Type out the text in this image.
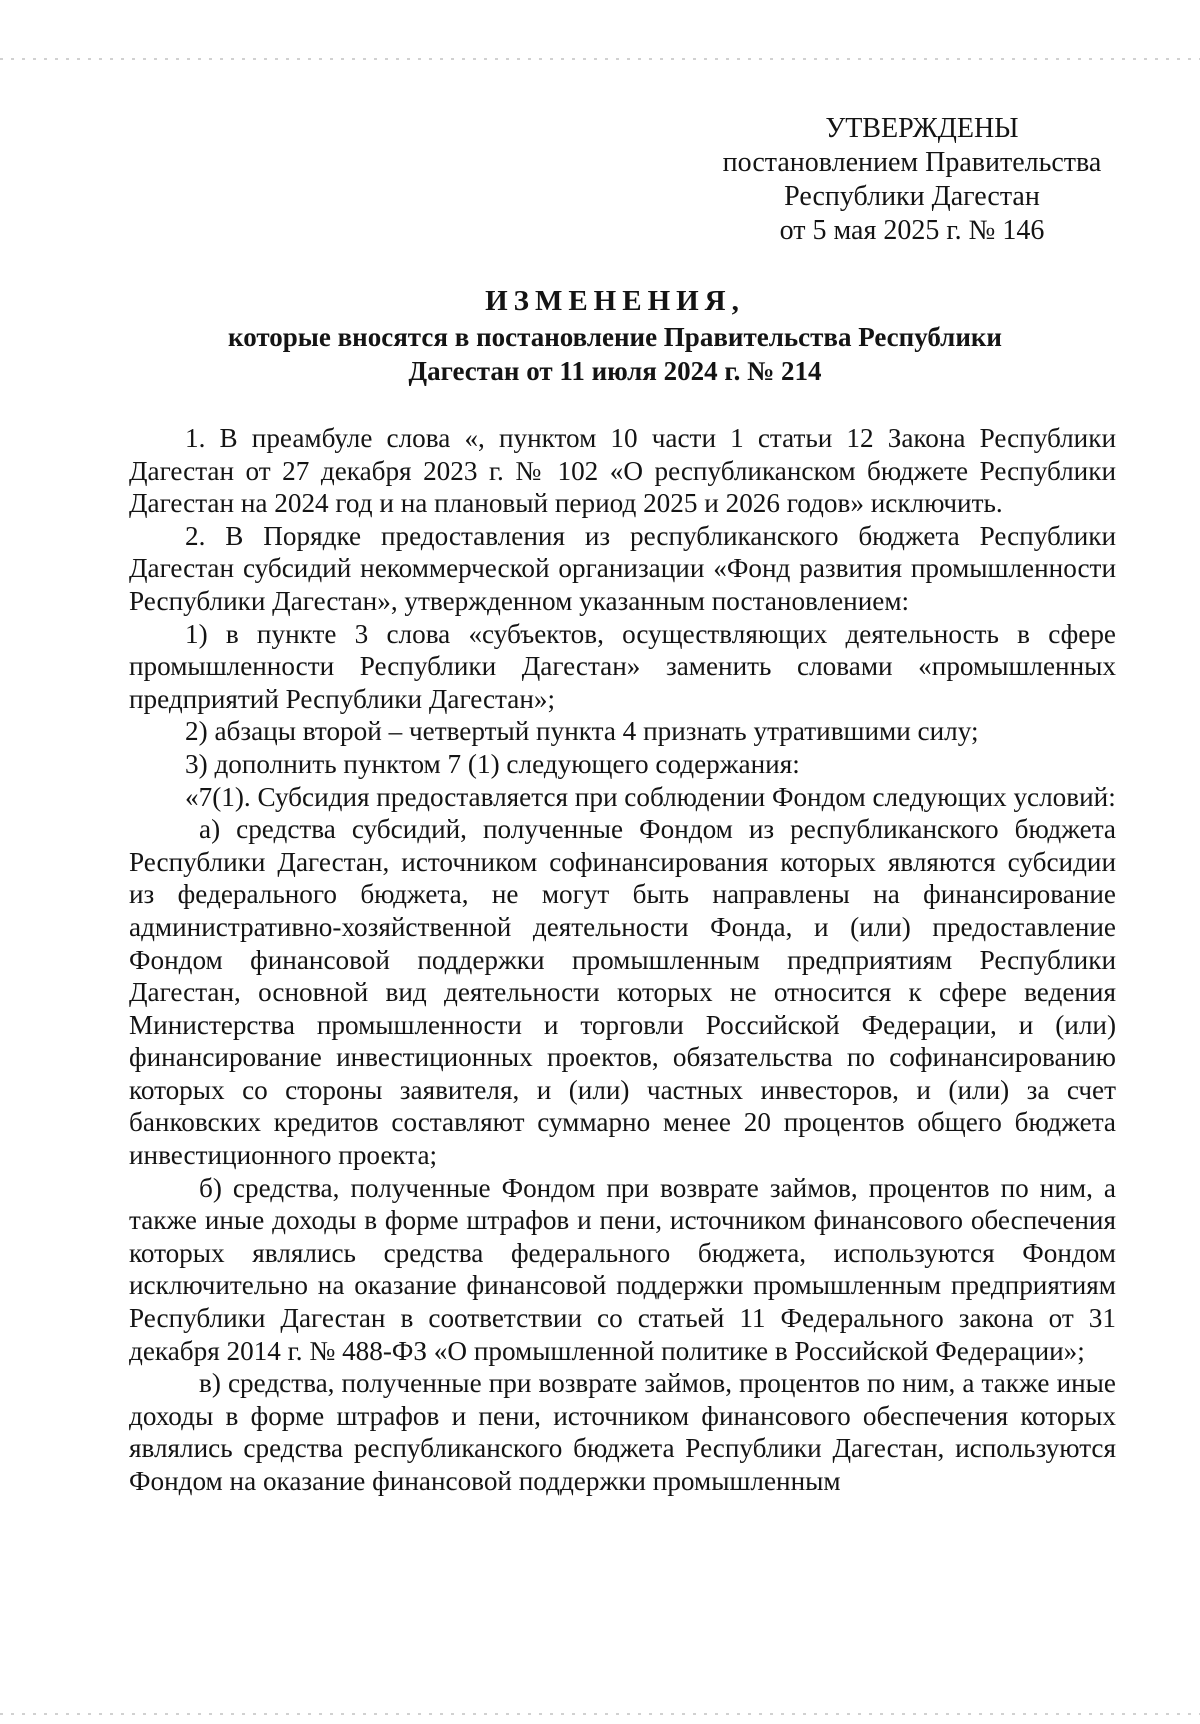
УТВЕРЖДЕНЫ
постановлением Правительства
Республики Дагестан
от 5 мая 2025 г. № 146
ИЗМЕНЕНИЯ,
которые вносятся в постановление Правительства Республики
Дагестан от 11 июля 2024 г. № 214

1. В преамбуле слова «, пунктом 10 части 1 статьи 12 Закона Республики Дагестан от 27 декабря 2023 г. № 102 «О республиканском бюджете Республики Дагестан на 2024 год и на плановый период 2025 и 2026 годов» исключить.

2. В Порядке предоставления из республиканского бюджета Республики Дагестан субсидий некоммерческой организации «Фонд развития промышленности Республики Дагестан», утвержденном указанным постановлением:

1) в пункте 3 слова «субъектов, осуществляющих деятельность в сфере промышленности Республики Дагестан» заменить словами «промышленных предприятий Республики Дагестан»;

2) абзацы второй – четвертый пункта 4 признать утратившими силу;

3) дополнить пунктом 7 (1) следующего содержания:

«7(1). Субсидия предоставляется при соблюдении Фондом следующих условий:

а) средства субсидий, полученные Фондом из республиканского бюджета Республики Дагестан, источником софинансирования которых являются субсидии из федерального бюджета, не могут быть направлены на финансирование административно-хозяйственной деятельности Фонда, и (или) предоставление Фондом финансовой поддержки промышленным предприятиям Республики Дагестан, основной вид деятельности которых не относится к сфере ведения Министерства промышленности и торговли Российской Федерации, и (или) финансирование инвестиционных проектов, обязательства по софинансированию которых со стороны заявителя, и (или) частных инвесторов, и (или) за счет банковских кредитов составляют суммарно менее 20 процентов общего бюджета инвестиционного проекта;

б) средства, полученные Фондом при возврате займов, процентов по ним, а также иные доходы в форме штрафов и пени, источником финансового обеспечения которых являлись средства федерального бюджета, используются Фондом исключительно на оказание финансовой поддержки промышленным предприятиям Республики Дагестан в соответствии со статьей 11 Федерального закона от 31 декабря 2014 г. № 488-ФЗ «О промышленной политике в Российской Федерации»;

в) средства, полученные при возврате займов, процентов по ним, а также иные доходы в форме штрафов и пени, источником финансового обеспечения которых являлись средства республиканского бюджета Республики Дагестан, используются Фондом на оказание финансовой поддержки промышленным
